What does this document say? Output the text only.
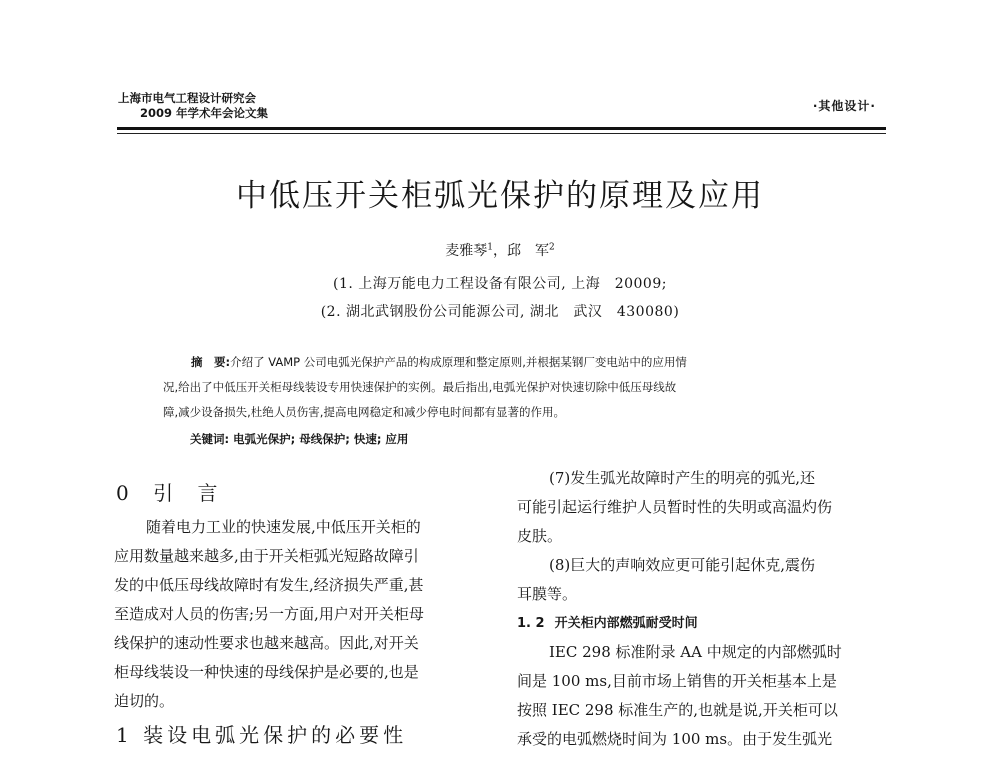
上海市电气工程设计研究会
2009 年学术年会论文集	·其他设计·
中低压开关柜弧光保护的原理及应用
麦雅琴$^1$，邱　军$^2$
(1. 上海万能电力工程设备有限公司, 上海　20009;
(2. 湖北武钢股份公司能源公司, 湖北　武汉　430080)
摘　要:介绍了 VAMP 公司电弧光保护产品的构成原理和整定原则,并根据某钢厂变电站中的应用情
况,给出了中低压开关柜母线装设专用快速保护的实例。最后指出,电弧光保护对快速切除中低压母线故
障,减少设备损失,杜绝人员伤害,提高电网稳定和减少停电时间都有显著的作用。
关键词: 电弧光保护; 母线保护; 快速; 应用
0 引 言
随着电力工业的快速发展,中低压开关柜的
应用数量越来越多,由于开关柜弧光短路故障引
发的中低压母线故障时有发生,经济损失严重,甚
至造成对人员的伤害;另一方面,用户对开关柜母
线保护的速动性要求也越来越高。因此,对开关
柜母线装设一种快速的母线保护是必要的,也是
迫切的。
1 装设电弧光保护的必要性
(7)发生弧光故障时产生的明亮的弧光,还
可能引起运行维护人员暂时性的失明或高温灼伤
皮肤。
(8)巨大的声响效应更可能引起休克,震伤
耳膜等。
1. 2 开关柜内部燃弧耐受时间
IEC 298 标准附录 AA 中规定的内部燃弧时
间是 100 ms,目前市场上销售的开关柜基本上是
按照 IEC 298 标准生产的,也就是说,开关柜可以
承受的电弧燃烧时间为 100 ms。由于发生弧光
